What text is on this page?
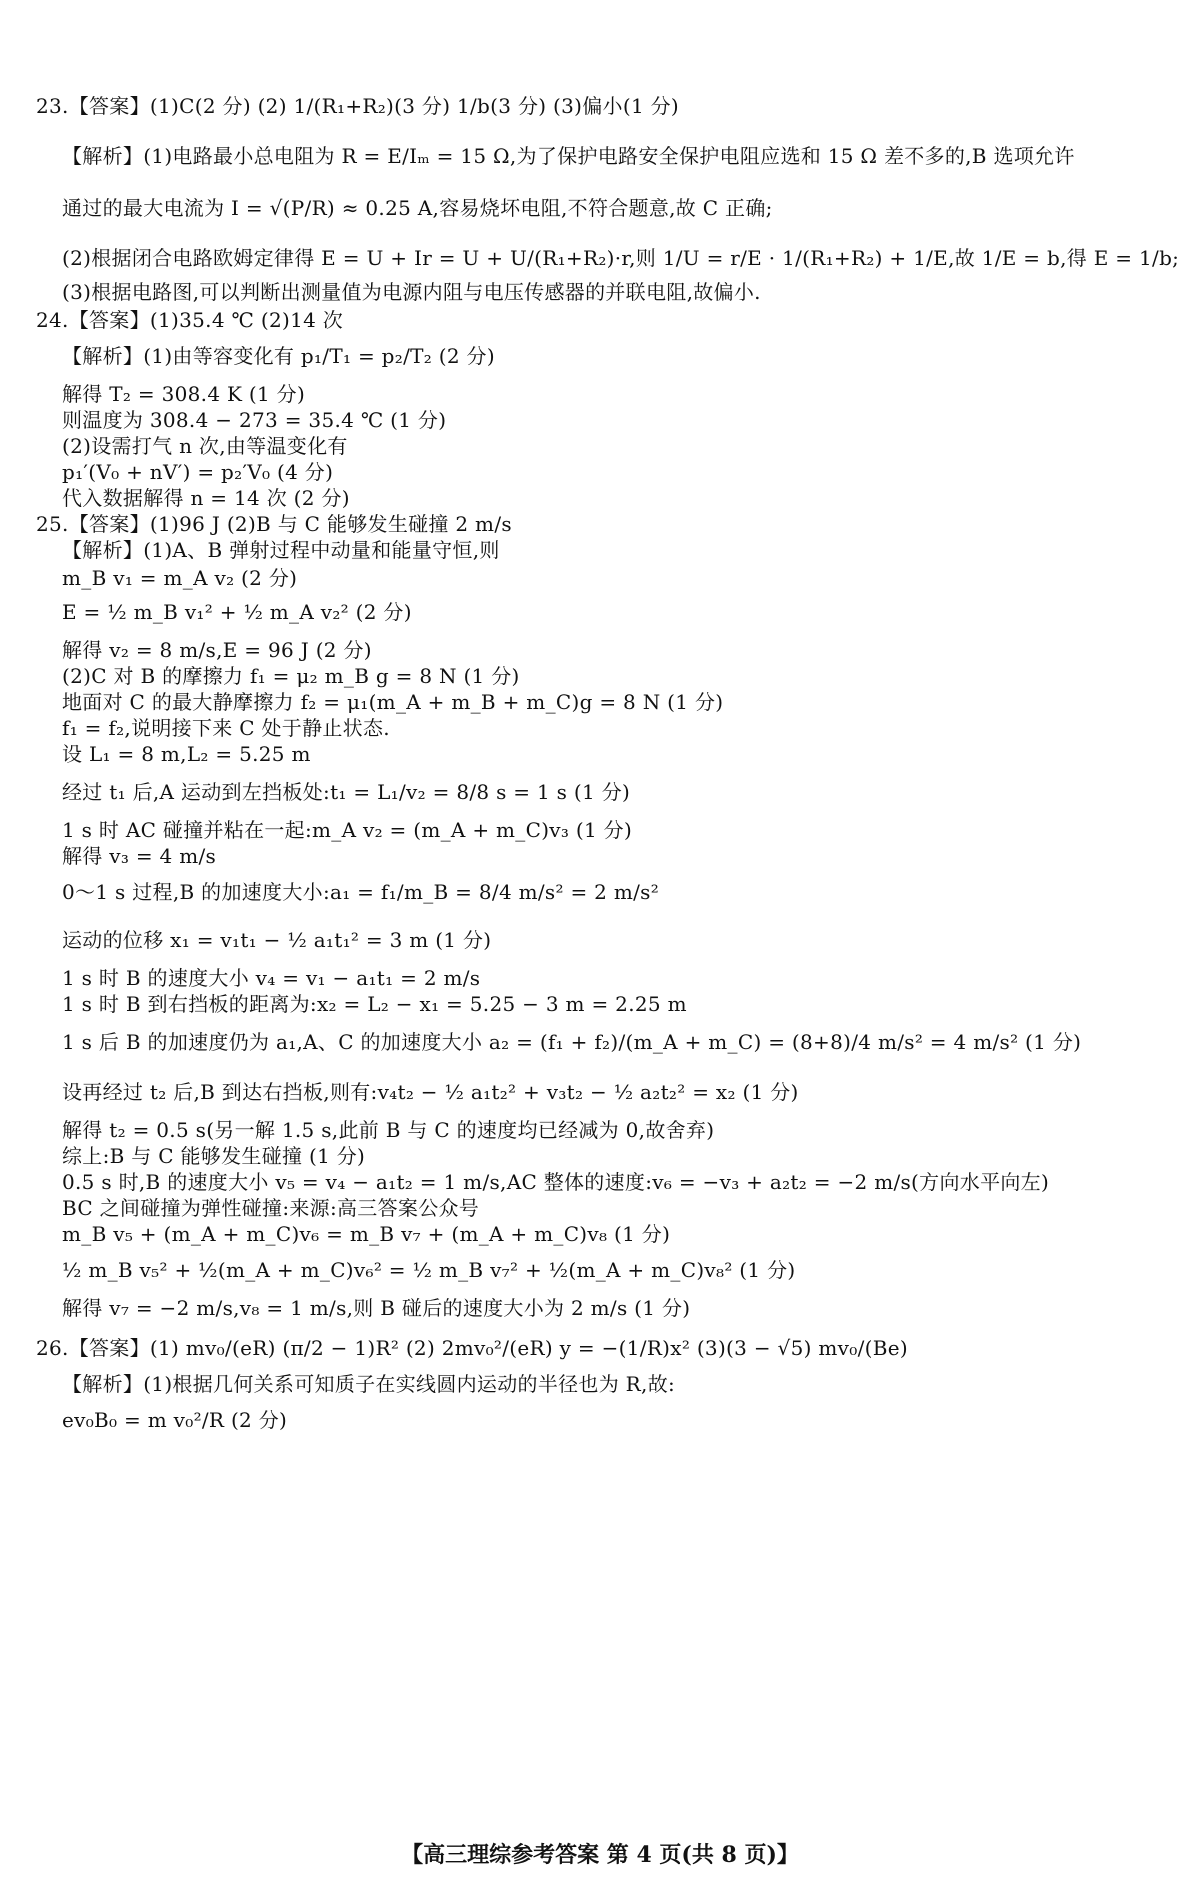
23.【答案】(1)C(2 分) (2) 1/(R₁+R₂)(3 分) 1/b(3 分) (3)偏小(1 分)
【解析】(1)电路最小总电阻为 R = E/Iₘ = 15 Ω,为了保护电路安全保护电阻应选和 15 Ω 差不多的,B 选项允许
通过的最大电流为 I = √(P/R) ≈ 0.25 A,容易烧坏电阻,不符合题意,故 C 正确;
(2)根据闭合电路欧姆定律得 E = U + Ir = U + U/(R₁+R₂)·r,则 1/U = r/E · 1/(R₁+R₂) + 1/E,故 1/E = b,得 E = 1/b;
(3)根据电路图,可以判断出测量值为电源内阻与电压传感器的并联电阻,故偏小.
24.【答案】(1)35.4 ℃ (2)14 次
【解析】(1)由等容变化有 p₁/T₁ = p₂/T₂ (2 分)
解得 T₂ = 308.4 K (1 分)
则温度为 308.4 − 273 = 35.4 ℃ (1 分)
(2)设需打气 n 次,由等温变化有
p₁′(V₀ + nV′) = p₂′V₀ (4 分)
代入数据解得 n = 14 次 (2 分)
25.【答案】(1)96 J (2)B 与 C 能够发生碰撞 2 m/s
【解析】(1)A、B 弹射过程中动量和能量守恒,则
m_B v₁ = m_A v₂ (2 分)
E = ½ m_B v₁² + ½ m_A v₂² (2 分)
解得 v₂ = 8 m/s,E = 96 J (2 分)
(2)C 对 B 的摩擦力 f₁ = μ₂ m_B g = 8 N (1 分)
地面对 C 的最大静摩擦力 f₂ = μ₁(m_A + m_B + m_C)g = 8 N (1 分)
f₁ = f₂,说明接下来 C 处于静止状态.
设 L₁ = 8 m,L₂ = 5.25 m
经过 t₁ 后,A 运动到左挡板处:t₁ = L₁/v₂ = 8/8 s = 1 s (1 分)
1 s 时 AC 碰撞并粘在一起:m_A v₂ = (m_A + m_C)v₃ (1 分)
解得 v₃ = 4 m/s
0～1 s 过程,B 的加速度大小:a₁ = f₁/m_B = 8/4 m/s² = 2 m/s²
运动的位移 x₁ = v₁t₁ − ½ a₁t₁² = 3 m (1 分)
1 s 时 B 的速度大小 v₄ = v₁ − a₁t₁ = 2 m/s
1 s 时 B 到右挡板的距离为:x₂ = L₂ − x₁ = 5.25 − 3 m = 2.25 m
1 s 后 B 的加速度仍为 a₁,A、C 的加速度大小 a₂ = (f₁ + f₂)/(m_A + m_C) = (8+8)/4 m/s² = 4 m/s² (1 分)
设再经过 t₂ 后,B 到达右挡板,则有:v₄t₂ − ½ a₁t₂² + v₃t₂ − ½ a₂t₂² = x₂ (1 分)
解得 t₂ = 0.5 s(另一解 1.5 s,此前 B 与 C 的速度均已经减为 0,故舍弃)
综上:B 与 C 能够发生碰撞 (1 分)
0.5 s 时,B 的速度大小 v₅ = v₄ − a₁t₂ = 1 m/s,AC 整体的速度:v₆ = −v₃ + a₂t₂ = −2 m/s(方向水平向左)
BC 之间碰撞为弹性碰撞:来源:高三答案公众号
m_B v₅ + (m_A + m_C)v₆ = m_B v₇ + (m_A + m_C)v₈ (1 分)
½ m_B v₅² + ½(m_A + m_C)v₆² = ½ m_B v₇² + ½(m_A + m_C)v₈² (1 分)
解得 v₇ = −2 m/s,v₈ = 1 m/s,则 B 碰后的速度大小为 2 m/s (1 分)
26.【答案】(1) mv₀/(eR) (π/2 − 1)R² (2) 2mv₀²/(eR) y = −(1/R)x² (3)(3 − √5) mv₀/(Be)
【解析】(1)根据几何关系可知质子在实线圆内运动的半径也为 R,故:
ev₀B₀ = m v₀²/R (2 分)
【高三理综参考答案 第 4 页(共 8 页)】
